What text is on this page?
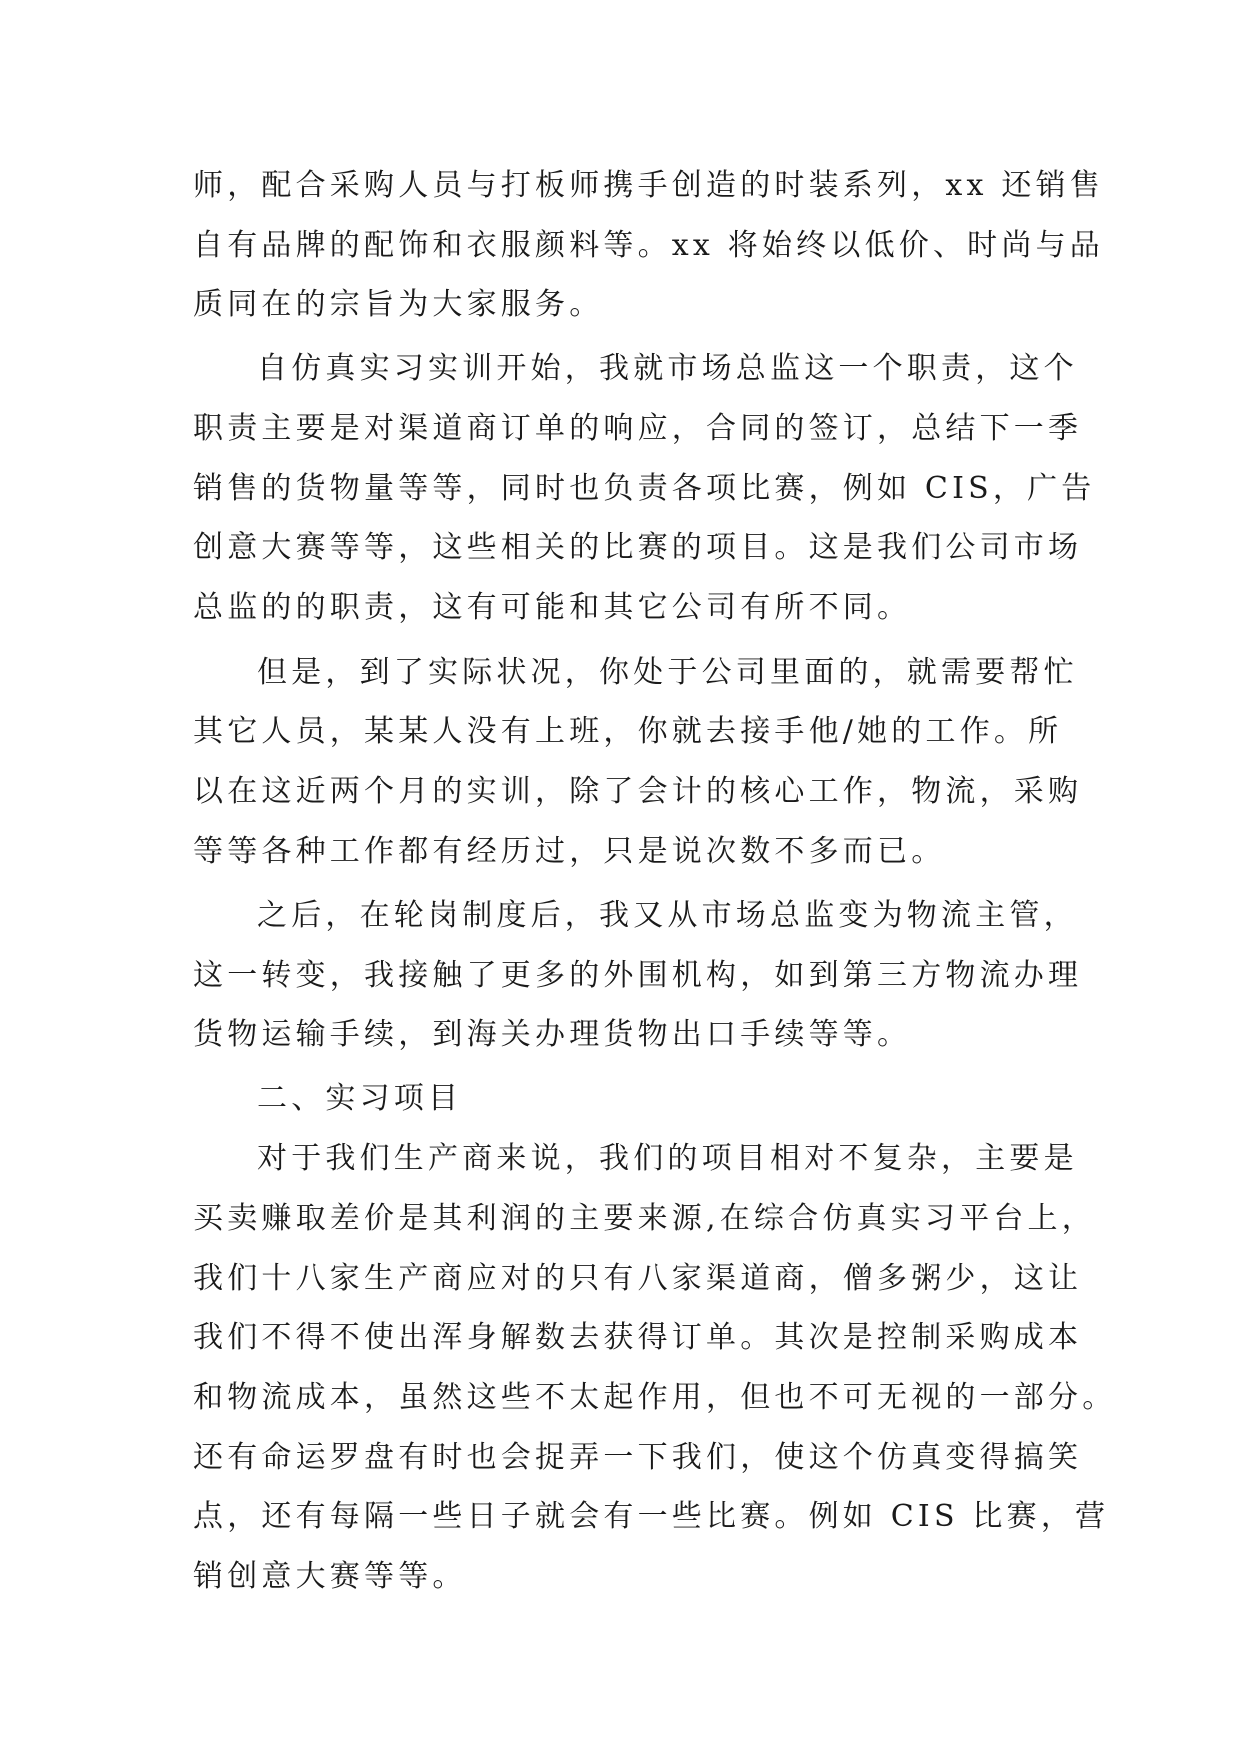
师，配合采购人员与打板师携手创造的时装系列，xx 还销售
自有品牌的配饰和衣服颜料等。xx 将始终以低价、时尚与品
质同在的宗旨为大家服务。
自仿真实习实训开始，我就市场总监这一个职责，这个
职责主要是对渠道商订单的响应，合同的签订，总结下一季
销售的货物量等等，同时也负责各项比赛，例如 CIS，广告
创意大赛等等，这些相关的比赛的项目。这是我们公司市场
总监的的职责，这有可能和其它公司有所不同。
但是，到了实际状况，你处于公司里面的，就需要帮忙
其它人员，某某人没有上班，你就去接手他/她的工作。所
以在这近两个月的实训，除了会计的核心工作，物流，采购
等等各种工作都有经历过，只是说次数不多而已。
之后，在轮岗制度后，我又从市场总监变为物流主管，
这一转变，我接触了更多的外围机构，如到第三方物流办理
货物运输手续，到海关办理货物出口手续等等。
二、实习项目
对于我们生产商来说，我们的项目相对不复杂，主要是
买卖赚取差价是其利润的主要来源,在综合仿真实习平台上，
我们十八家生产商应对的只有八家渠道商，僧多粥少，这让
我们不得不使出浑身解数去获得订单。其次是控制采购成本
和物流成本，虽然这些不太起作用，但也不可无视的一部分。
还有命运罗盘有时也会捉弄一下我们，使这个仿真变得搞笑
点，还有每隔一些日子就会有一些比赛。例如 CIS 比赛，营
销创意大赛等等。
